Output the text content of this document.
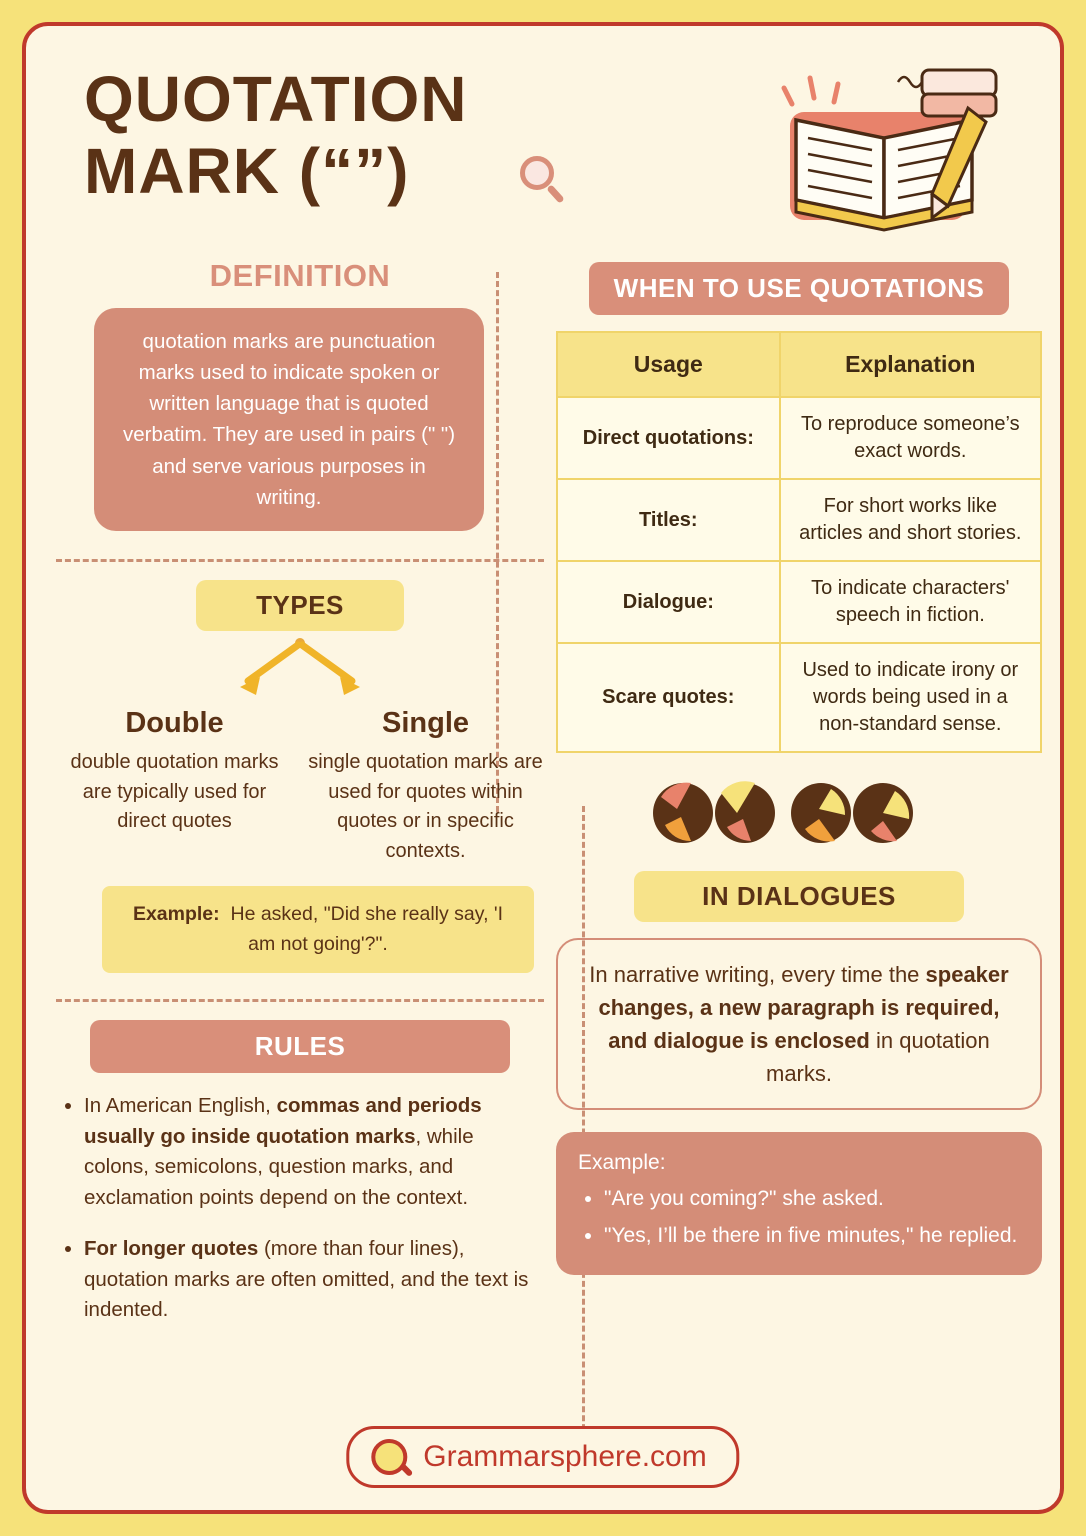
QUOTATION
MARK (“”)
DEFINITION
quotation marks are punctuation marks used to indicate spoken or written language that is quoted verbatim. They are used in pairs (" ") and serve various purposes in writing.
TYPES
Double

double quotation marks are typically used for direct quotes

Single

single quotation marks are used for quotes within quotes or in specific contexts.

Example: He asked, "Did she really say, 'I am not going'?".
RULES
• In American English, commas and periods usually go inside quotation marks, while colons, semicolons, question marks, and exclamation points depend on the context.
• For longer quotes (more than four lines), quotation marks are often omitted, and the text is indented.
WHEN TO USE QUOTATIONS
Usage	Explanation
Direct quotations:	To reproduce someone’s exact words.
Titles:	For short works like articles and short stories.
Dialogue:	To indicate characters' speech in fiction.
Scare quotes:	Used to indicate irony or words being used in a non-standard sense.
IN DIALOGUES
In narrative writing, every time the speaker changes, a new paragraph is required, and dialogue is enclosed in quotation marks.
Example:
• "Are you coming?" she asked.
• "Yes, I’ll be there in five minutes," he replied.
Grammarsphere.com
